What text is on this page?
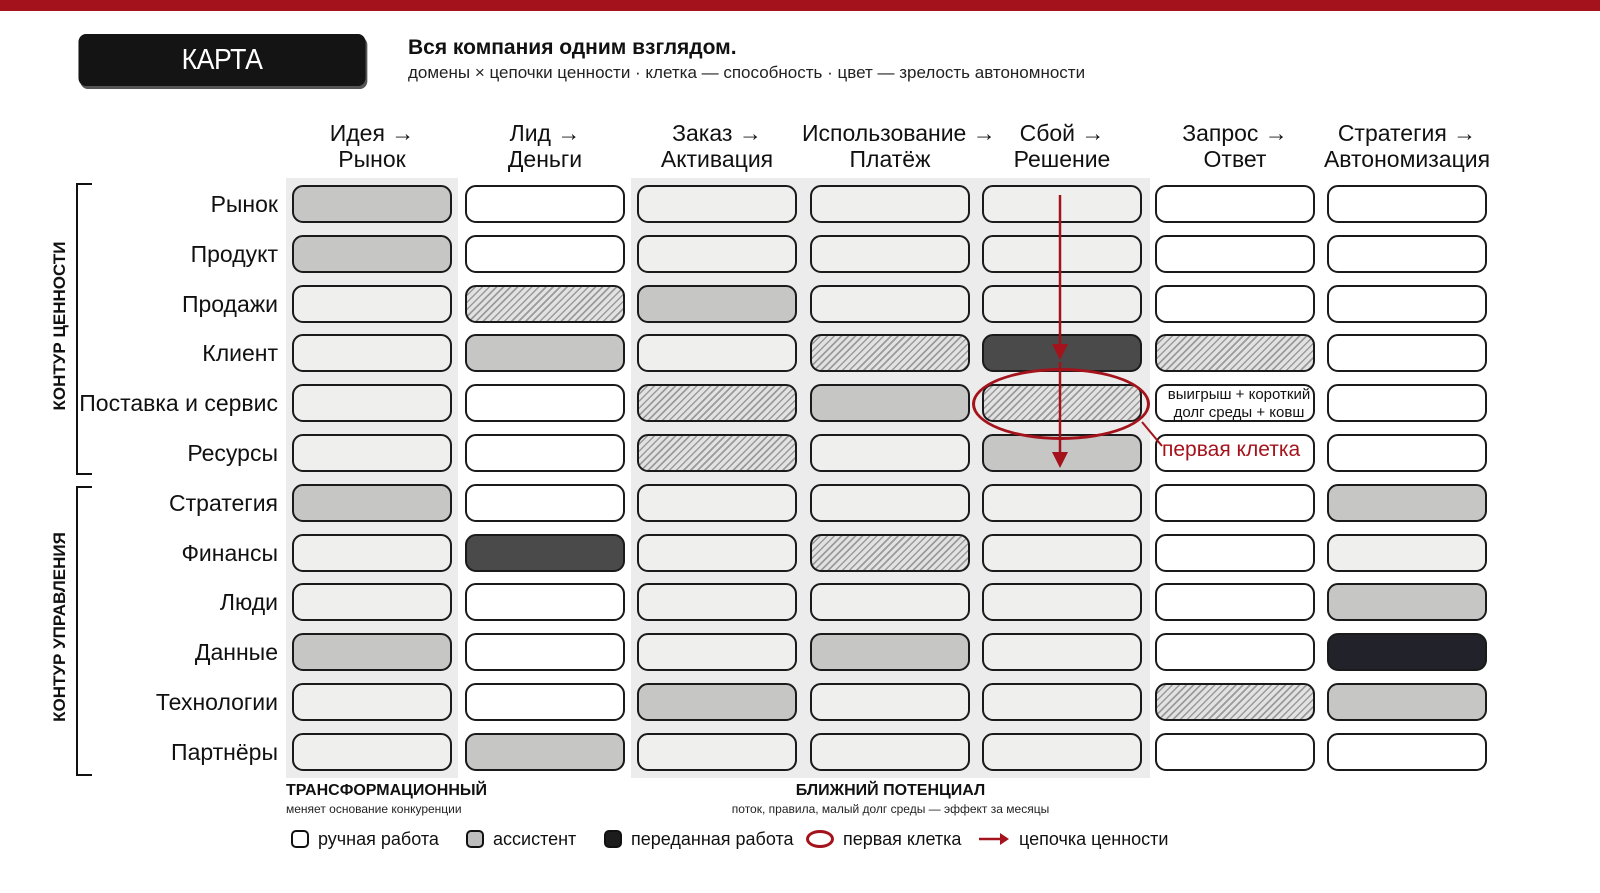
КАРТА СПОСОБНОСТЕЙ
Вся компания одним взглядом.
домены × цепочки ценности · клетка — способность · цвет — зрелость автономности
Идея →
Рынок
Лид →
Деньги
Заказ →
Активация
Использование →
Платёж
Сбой →
Решение
Запрос →
Ответ
Стратегия →
Автономизация
КОНТУР ЦЕННОСТИ
КОНТУР УПРАВЛЕНИЯ
Рынок
Продукт
Продажи
Клиент
Поставка и сервис
Ресурсы
Стратегия
Финансы
Люди
Данные
Технологии
Партнёры
выигрыш + короткий долг среды + ковш
первая клетка
ТРАНСФОРМАЦИОННЫЙ
меняет основание конкуренции
БЛИЖНИЙ ПОТЕНЦИАЛ
поток, правила, малый долг среды — эффект за месяцы
ручная работа	ассистент	переданная работа	первая клетка	цепочка ценности
